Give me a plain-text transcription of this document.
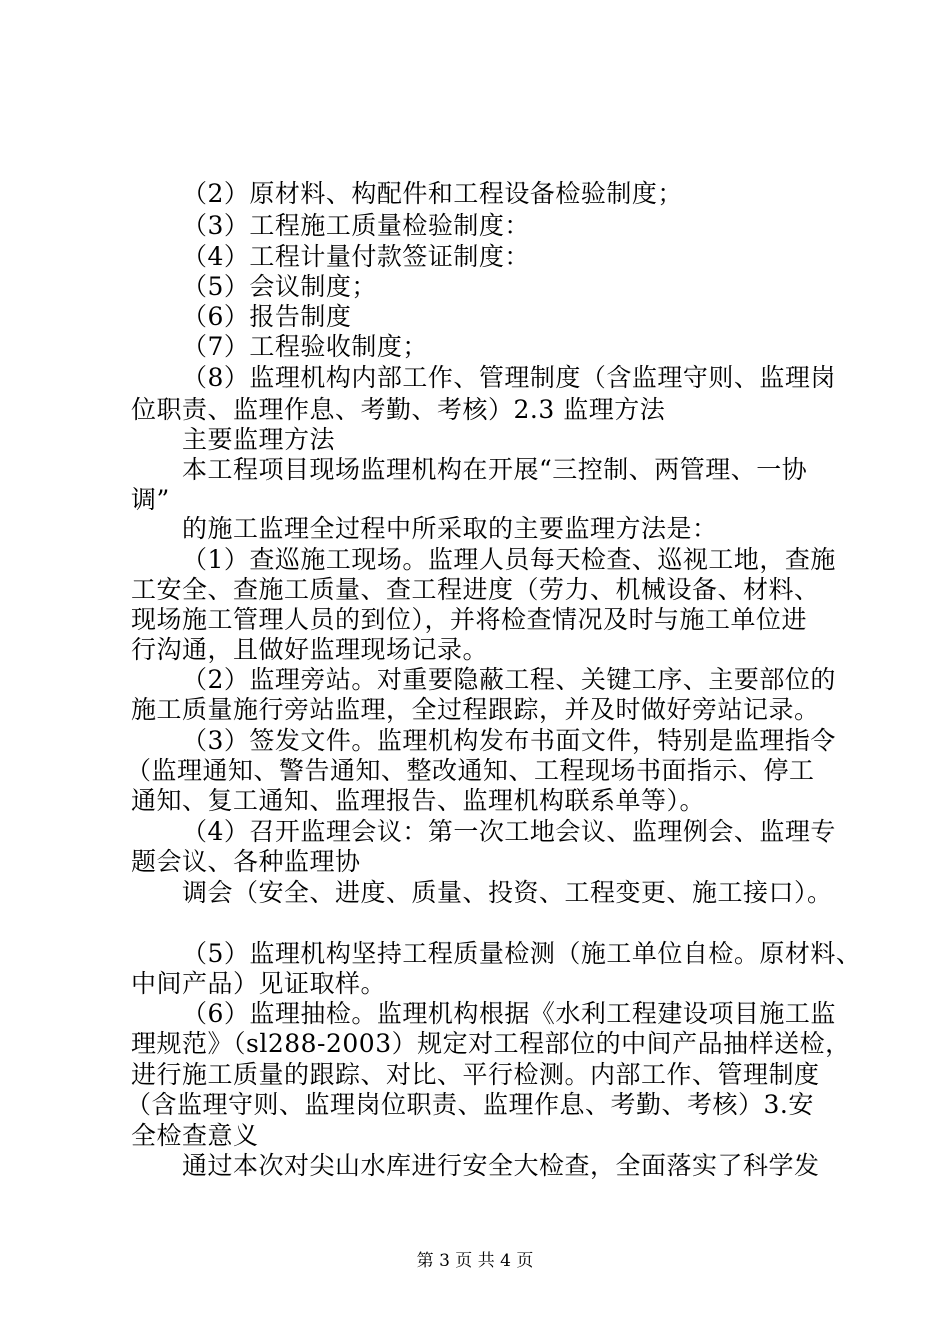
（2）原材料、构配件和工程设备检验制度；
（3）工程施工质量检验制度：
（4）工程计量付款签证制度：
（5）会议制度；
（6）报告制度
（7）工程验收制度；
（8）监理机构内部工作、管理制度（含监理守则、监理岗
位职责、监理作息、考勤、考核）2.3 监理方法
主要监理方法
本工程项目现场监理机构在开展“三控制、两管理、一协
调”
的施工监理全过程中所采取的主要监理方法是：
（1）查巡施工现场。监理人员每天检查、巡视工地，查施
工安全、查施工质量、查工程进度（劳力、机械设备、材料、
现场施工管理人员的到位），并将检查情况及时与施工单位进
行沟通，且做好监理现场记录。
（2）监理旁站。对重要隐蔽工程、关键工序、主要部位的
施工质量施行旁站监理，全过程跟踪，并及时做好旁站记录。
（3）签发文件。监理机构发布书面文件，特别是监理指令
（监理通知、警告通知、整改通知、工程现场书面指示、停工
通知、复工通知、监理报告、监理机构联系单等）。
（4）召开监理会议：第一次工地会议、监理例会、监理专
题会议、各种监理协
调会（安全、进度、质量、投资、工程变更、施工接口）。
（5）监理机构坚持工程质量检测（施工单位自检。原材料、
中间产品）见证取样。
（6）监理抽检。监理机构根据《水利工程建设项目施工监
理规范》（sl288-2003）规定对工程部位的中间产品抽样送检，
进行施工质量的跟踪、对比、平行检测。内部工作、管理制度
（含监理守则、监理岗位职责、监理作息、考勤、考核）3.安
全检查意义
通过本次对尖山水库进行安全大检查，全面落实了科学发
第 3 页 共 4 页
